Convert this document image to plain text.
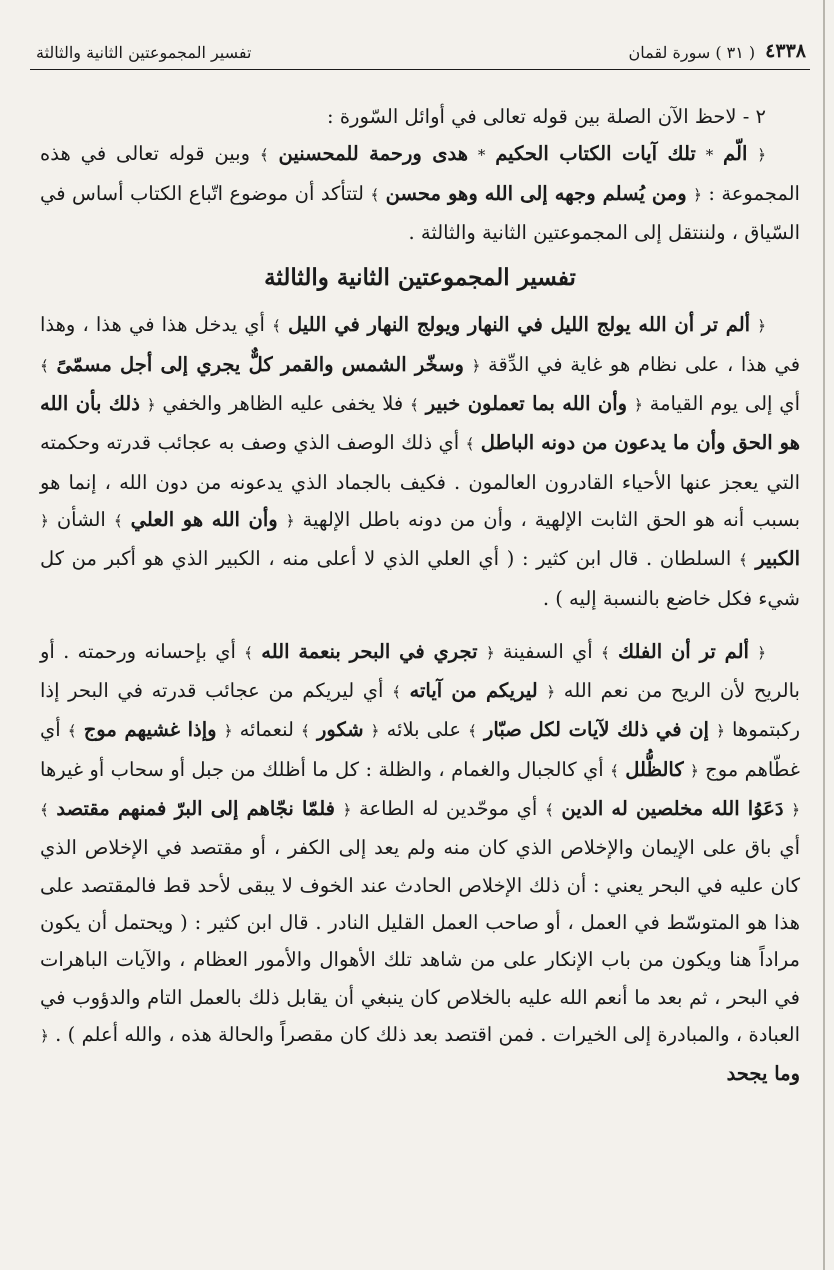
٤٣٣٨
( ٣١ ) سورة لقمان
تفسير المجموعتين الثانية والثالثة

٢ - لاحظ الآن الصلة بين قوله تعالى في أوائل السّورة :

﴿ الّم * تلك آيات الكتاب الحكيم * هدى ورحمة للمحسنين ﴾ وبين قوله تعالى في هذه المجموعة : ﴿ ومن يُسلم وجهه إلى الله وهو محسن ﴾ لتتأكد أن موضوع اتّباع الكتاب أساس في السّياق ، ولننتقل إلى المجموعتين الثانية والثالثة .

تفسير المجموعتين الثانية والثالثة

﴿ ألم تر أن الله يولج الليل في النهار ويولج النهار في الليل ﴾ أي يدخل هذا في هذا ، وهذا في هذا ، على نظام هو غاية في الدِّقة ﴿ وسخّر الشمس والقمر كلٌّ يجري إلى أجل مسمّىً ﴾ أي إلى يوم القيامة ﴿ وأن الله بما تعملون خبير ﴾ فلا يخفى عليه الظاهر والخفي ﴿ ذلك بأن الله هو الحق وأن ما يدعون من دونه الباطل ﴾ أي ذلك الوصف الذي وصف به عجائب قدرته وحكمته التي يعجز عنها الأحياء القادرون العالمون . فكيف بالجماد الذي يدعونه من دون الله ، إنما هو بسبب أنه هو الحق الثابت الإلهية ، وأن من دونه باطل الإلهية ﴿ وأن الله هو العلي ﴾ الشأن ﴿ الكبير ﴾ السلطان . قال ابن كثير : ( أي العلي الذي لا أعلى منه ، الكبير الذي هو أكبر من كل شيء فكل خاضع بالنسبة إليه ) .

﴿ ألم تر أن الفلك ﴾ أي السفينة ﴿ تجري في البحر بنعمة الله ﴾ أي بإحسانه ورحمته . أو بالريح لأن الريح من نعم الله ﴿ ليريكم من آياته ﴾ أي ليريكم من عجائب قدرته في البحر إذا ركبتموها ﴿ إن في ذلك لآيات لكل صبّار ﴾ على بلائه ﴿ شكور ﴾ لنعمائه ﴿ وإذا غشيهم موج ﴾ أي غطّاهم موج ﴿ كالظُّلل ﴾ أي كالجبال والغمام ، والظلة : كل ما أظلك من جبل أو سحاب أو غيرها ﴿ دَعَوُا الله مخلصين له الدين ﴾ أي موحّدين له الطاعة ﴿ فلمّا نجّاهم إلى البرّ فمنهم مقتصد ﴾ أي باق على الإيمان والإخلاص الذي كان منه ولم يعد إلى الكفر ، أو مقتصد في الإخلاص الذي كان عليه في البحر يعني : أن ذلك الإخلاص الحادث عند الخوف لا يبقى لأحد قط فالمقتصد على هذا هو المتوسّط في العمل ، أو صاحب العمل القليل النادر . قال ابن كثير : ( ويحتمل أن يكون مراداً هنا ويكون من باب الإنكار على من شاهد تلك الأهوال والأمور العظام ، والآيات الباهرات في البحر ، ثم بعد ما أنعم الله عليه بالخلاص كان ينبغي أن يقابل ذلك بالعمل التام والدؤوب في العبادة ، والمبادرة إلى الخيرات . فمن اقتصد بعد ذلك كان مقصراً والحالة هذه ، والله أعلم ) . ﴿ وما يجحد
